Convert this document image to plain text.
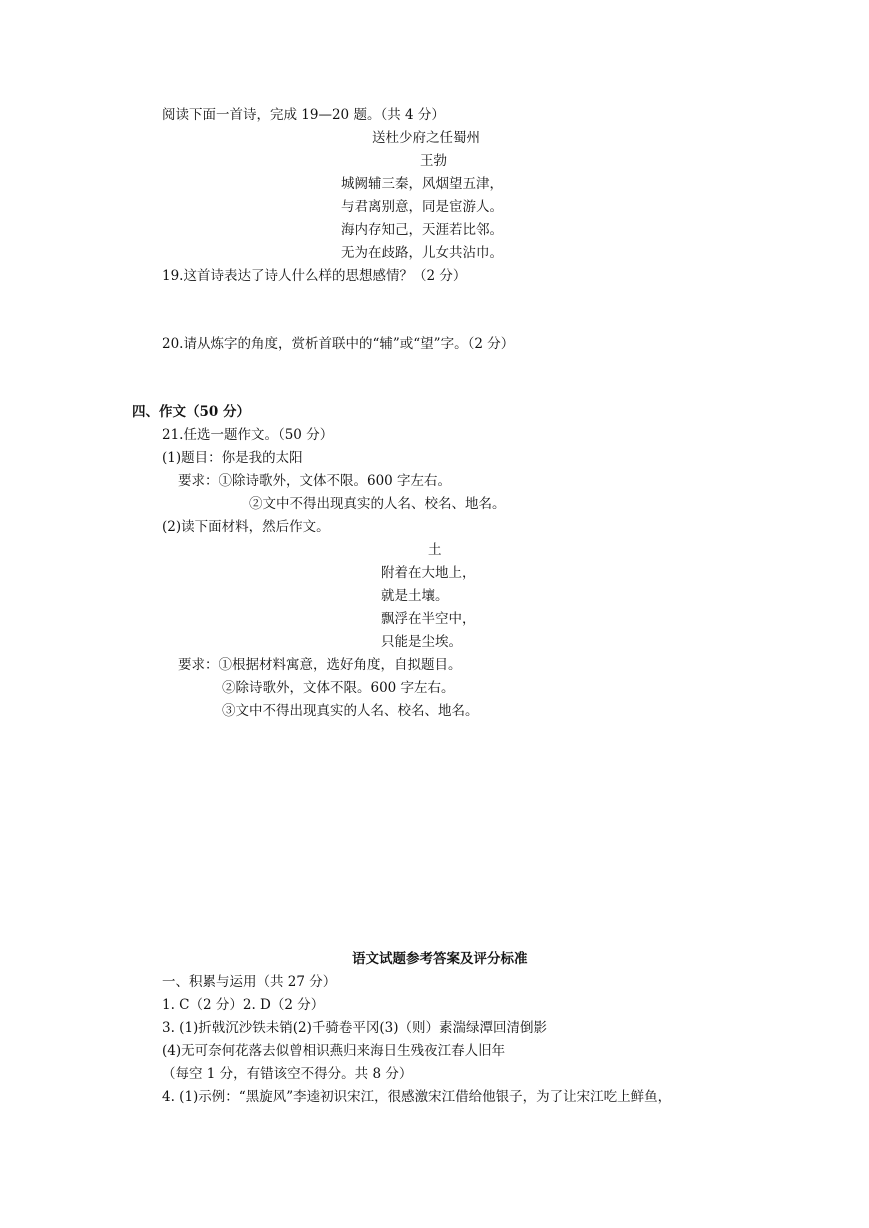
阅读下面一首诗，完成 19—20 题。（共 4 分）
送杜少府之任蜀州
王勃
城阙辅三秦，风烟望五津，
与君离别意，同是宦游人。
海内存知己，天涯若比邻。
无为在歧路，儿女共沾巾。
19.这首诗表达了诗人什么样的思想感情？（2 分）
20.请从炼字的角度，赏析首联中的“辅”或“望”字。（2 分）
四、作文（50 分）
21.任选一题作文。（50 分）
(1)题目：你是我的太阳
要求：①除诗歌外，文体不限。600 字左右。
②文中不得出现真实的人名、校名、地名。
(2)读下面材料，然后作文。
土
附着在大地上，
就是土壤。
飘浮在半空中，
只能是尘埃。
要求：①根据材料寓意，选好角度，自拟题目。
②除诗歌外，文体不限。600 字左右。
③文中不得出现真实的人名、校名、地名。
语文试题参考答案及评分标准
一、积累与运用（共 27 分）
1. C（2 分）2. D（2 分）
3. (1)折戟沉沙铁未销(2)千骑卷平冈(3)（则）素湍绿潭回清倒影
(4)无可奈何花落去似曾相识燕归来海日生残夜江春人旧年
（每空 1 分，有错该空不得分。共 8 分）
4. (1)示例：“黑旋风”李逵初识宋江，很感激宋江借给他银子，为了让宋江吃上鲜鱼，
